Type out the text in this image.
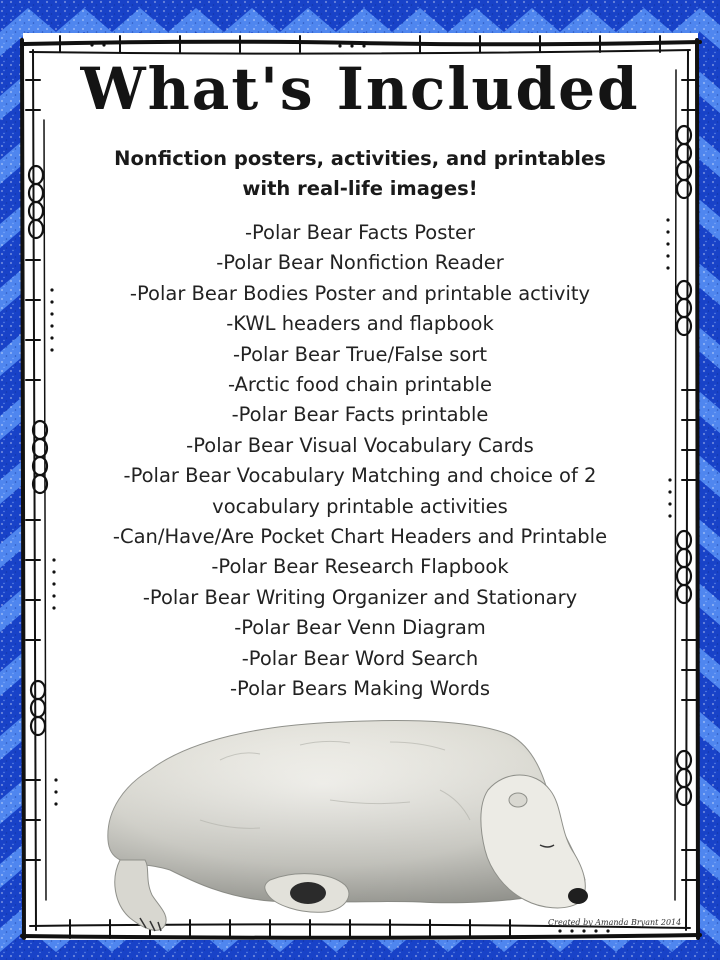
What's Included
Nonfiction posters, activities, and printables
with real-life images!
-Polar Bear Facts Poster
-Polar Bear Nonfiction Reader
-Polar Bear Bodies Poster and printable activity
-KWL headers and flapbook
-Polar Bear True/False sort
-Arctic food chain printable
-Polar Bear Facts printable
-Polar Bear Visual Vocabulary Cards
-Polar Bear Vocabulary Matching and choice of 2
vocabulary printable activities
-Can/Have/Are Pocket Chart Headers and Printable
-Polar Bear Research Flapbook
-Polar Bear Writing Organizer and Stationary
-Polar Bear Venn Diagram
-Polar Bear Word Search
-Polar Bears Making Words
Created by Amanda Bryant 2014
